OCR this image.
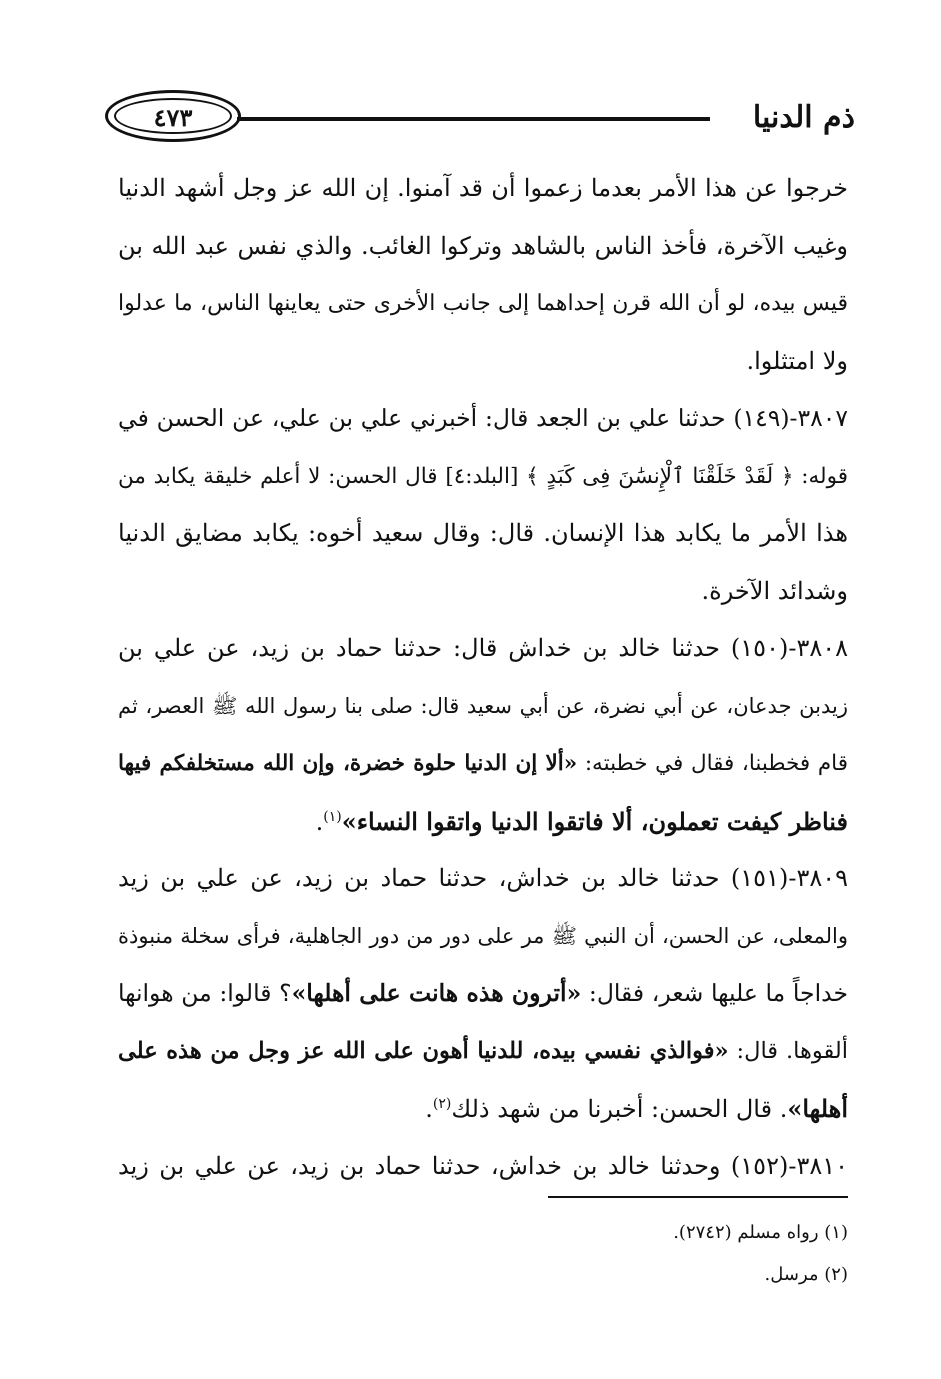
ذم الدنيا
٤٧٣
خرجوا عن هذا الأمر بعدما زعموا أن قد آمنوا. إن الله عز وجل أشهد الدنيا
وغيب الآخرة، فأخذ الناس بالشاهد وتركوا الغائب. والذي نفس عبد الله بن
قيس بيده، لو أن الله قرن إحداهما إلى جانب الأخرى حتى يعاينها الناس، ما عدلوا
ولا امتثلوا.
٣٨٠٧-(١٤٩) حدثنا علي بن الجعد قال: أخبرني علي بن علي، عن الحسن في
قوله: ﴿ لَقَدْ خَلَقْنَا ٱلْإِنسَٰنَ فِى كَبَدٍ ﴾ [البلد:٤] قال الحسن: لا أعلم خليقة يكابد من
هذا الأمر ما يكابد هذا الإنسان. قال: وقال سعيد أخوه: يكابد مضايق الدنيا
وشدائد الآخرة.
٣٨٠٨-(١٥٠) حدثنا خالد بن خداش قال: حدثنا حماد بن زيد، عن علي بن
زيدبن جدعان، عن أبي نضرة، عن أبي سعيد قال: صلى بنا رسول الله ﷺ العصر، ثم
قام فخطبنا، فقال في خطبته: «ألا إن الدنيا حلوة خضرة، وإن الله مستخلفكم فيها
فناظر كيفت تعملون، ألا فاتقوا الدنيا واتقوا النساء»$^{(١)}$.
٣٨٠٩-(١٥١) حدثنا خالد بن خداش، حدثنا حماد بن زيد، عن علي بن زيد
والمعلى، عن الحسن، أن النبي ﷺ مر على دور من دور الجاهلية، فرأى سخلة منبوذة
خداجاً ما عليها شعر، فقال: «أترون هذه هانت على أهلها»؟ قالوا: من هوانها
ألقوها. قال: «فوالذي نفسي بيده، للدنيا أهون على الله عز وجل من هذه على
أهلها». قال الحسن: أخبرنا من شهد ذلك$^{(٢)}$.
٣٨١٠-(١٥٢) وحدثنا خالد بن خداش، حدثنا حماد بن زيد، عن علي بن زيد
(١) رواه مسلم (٢٧٤٢).
(٢) مرسل.
